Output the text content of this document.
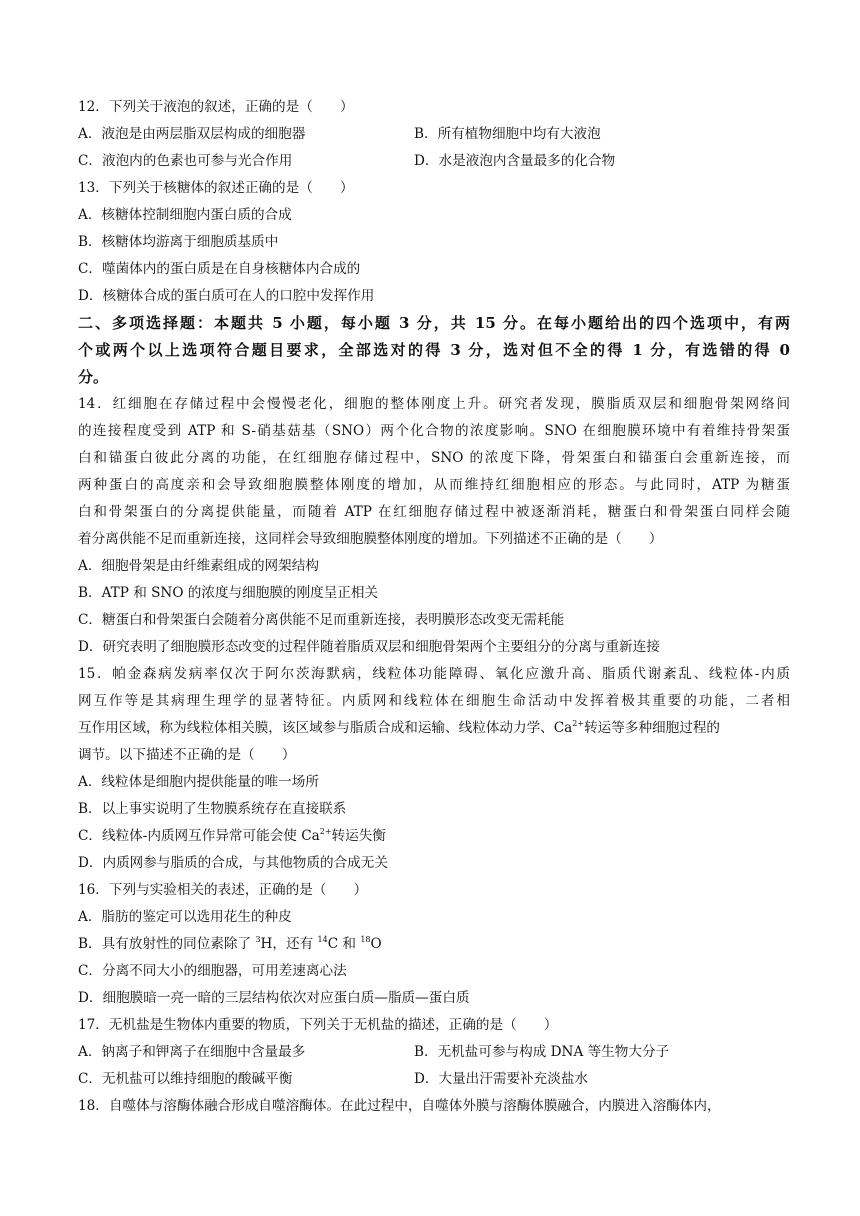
12．下列关于液泡的叙述，正确的是（　　）
A．液泡是由两层脂双层构成的细胞器	B．所有植物细胞中均有大液泡
C．液泡内的色素也可参与光合作用	D．水是液泡内含量最多的化合物
13．下列关于核糖体的叙述正确的是（　　）
A．核糖体控制细胞内蛋白质的合成
B．核糖体均游离于细胞质基质中
C．噬菌体内的蛋白质是在自身核糖体内合成的
D．核糖体合成的蛋白质可在人的口腔中发挥作用
二、多项选择题：本题共 5 小题，每小题 3 分，共 15 分。在每小题给出的四个选项中，有两
个或两个以上选项符合题目要求，全部选对的得 3 分，选对但不全的得 1 分，有选错的得 0
分。
14．红细胞在存储过程中会慢慢老化，细胞的整体刚度上升。研究者发现，膜脂质双层和细胞骨架网络间
的连接程度受到 ATP 和 S-硝基菇基（SNO）两个化合物的浓度影响。SNO 在细胞膜环境中有着维持骨架蛋
白和锚蛋白彼此分离的功能，在红细胞存储过程中，SNO 的浓度下降，骨架蛋白和锚蛋白会重新连接，而
两种蛋白的高度亲和会导致细胞膜整体刚度的增加，从而维持红细胞相应的形态。与此同时，ATP 为糖蛋
白和骨架蛋白的分离提供能量，而随着 ATP 在红细胞存储过程中被逐渐消耗，糖蛋白和骨架蛋白同样会随
着分离供能不足而重新连接，这同样会导致细胞膜整体刚度的增加。下列描述不正确的是（　　）
A．细胞骨架是由纤维素组成的网架结构
B．ATP 和 SNO 的浓度与细胞膜的刚度呈正相关
C．糖蛋白和骨架蛋白会随着分离供能不足而重新连接，表明膜形态改变无需耗能
D．研究表明了细胞膜形态改变的过程伴随着脂质双层和细胞骨架两个主要组分的分离与重新连接
15．帕金森病发病率仅次于阿尔茨海默病，线粒体功能障碍、氧化应激升高、脂质代谢紊乱、线粒体-内质
网互作等是其病理生理学的显著特征。内质网和线粒体在细胞生命活动中发挥着极其重要的功能，二者相
互作用区域，称为线粒体相关膜，该区域参与脂质合成和运输、线粒体动力学、$Ca^{2+}$转运等多种细胞过程的
调节。以下描述不正确的是（　　）
A．线粒体是细胞内提供能量的唯一场所
B．以上事实说明了生物膜系统存在直接联系
C．线粒体-内质网互作异常可能会使 $Ca^{2+}$转运失衡
D．内质网参与脂质的合成，与其他物质的合成无关
16．下列与实验相关的表述，正确的是（　　）
A．脂肪的鉴定可以选用花生的种皮
B．具有放射性的同位素除了 $^3$H，还有 $^{14}$C 和 $^{18}$O
C．分离不同大小的细胞器，可用差速离心法
D．细胞膜暗一亮一暗的三层结构依次对应蛋白质—脂质—蛋白质
17．无机盐是生物体内重要的物质，下列关于无机盐的描述，正确的是（　　）
A．钠离子和钾离子在细胞中含量最多	B．无机盐可参与构成 DNA 等生物大分子
C．无机盐可以维持细胞的酸碱平衡	D．大量出汗需要补充淡盐水
18．自噬体与溶酶体融合形成自噬溶酶体。在此过程中，自噬体外膜与溶酶体膜融合，内膜进入溶酶体内，
